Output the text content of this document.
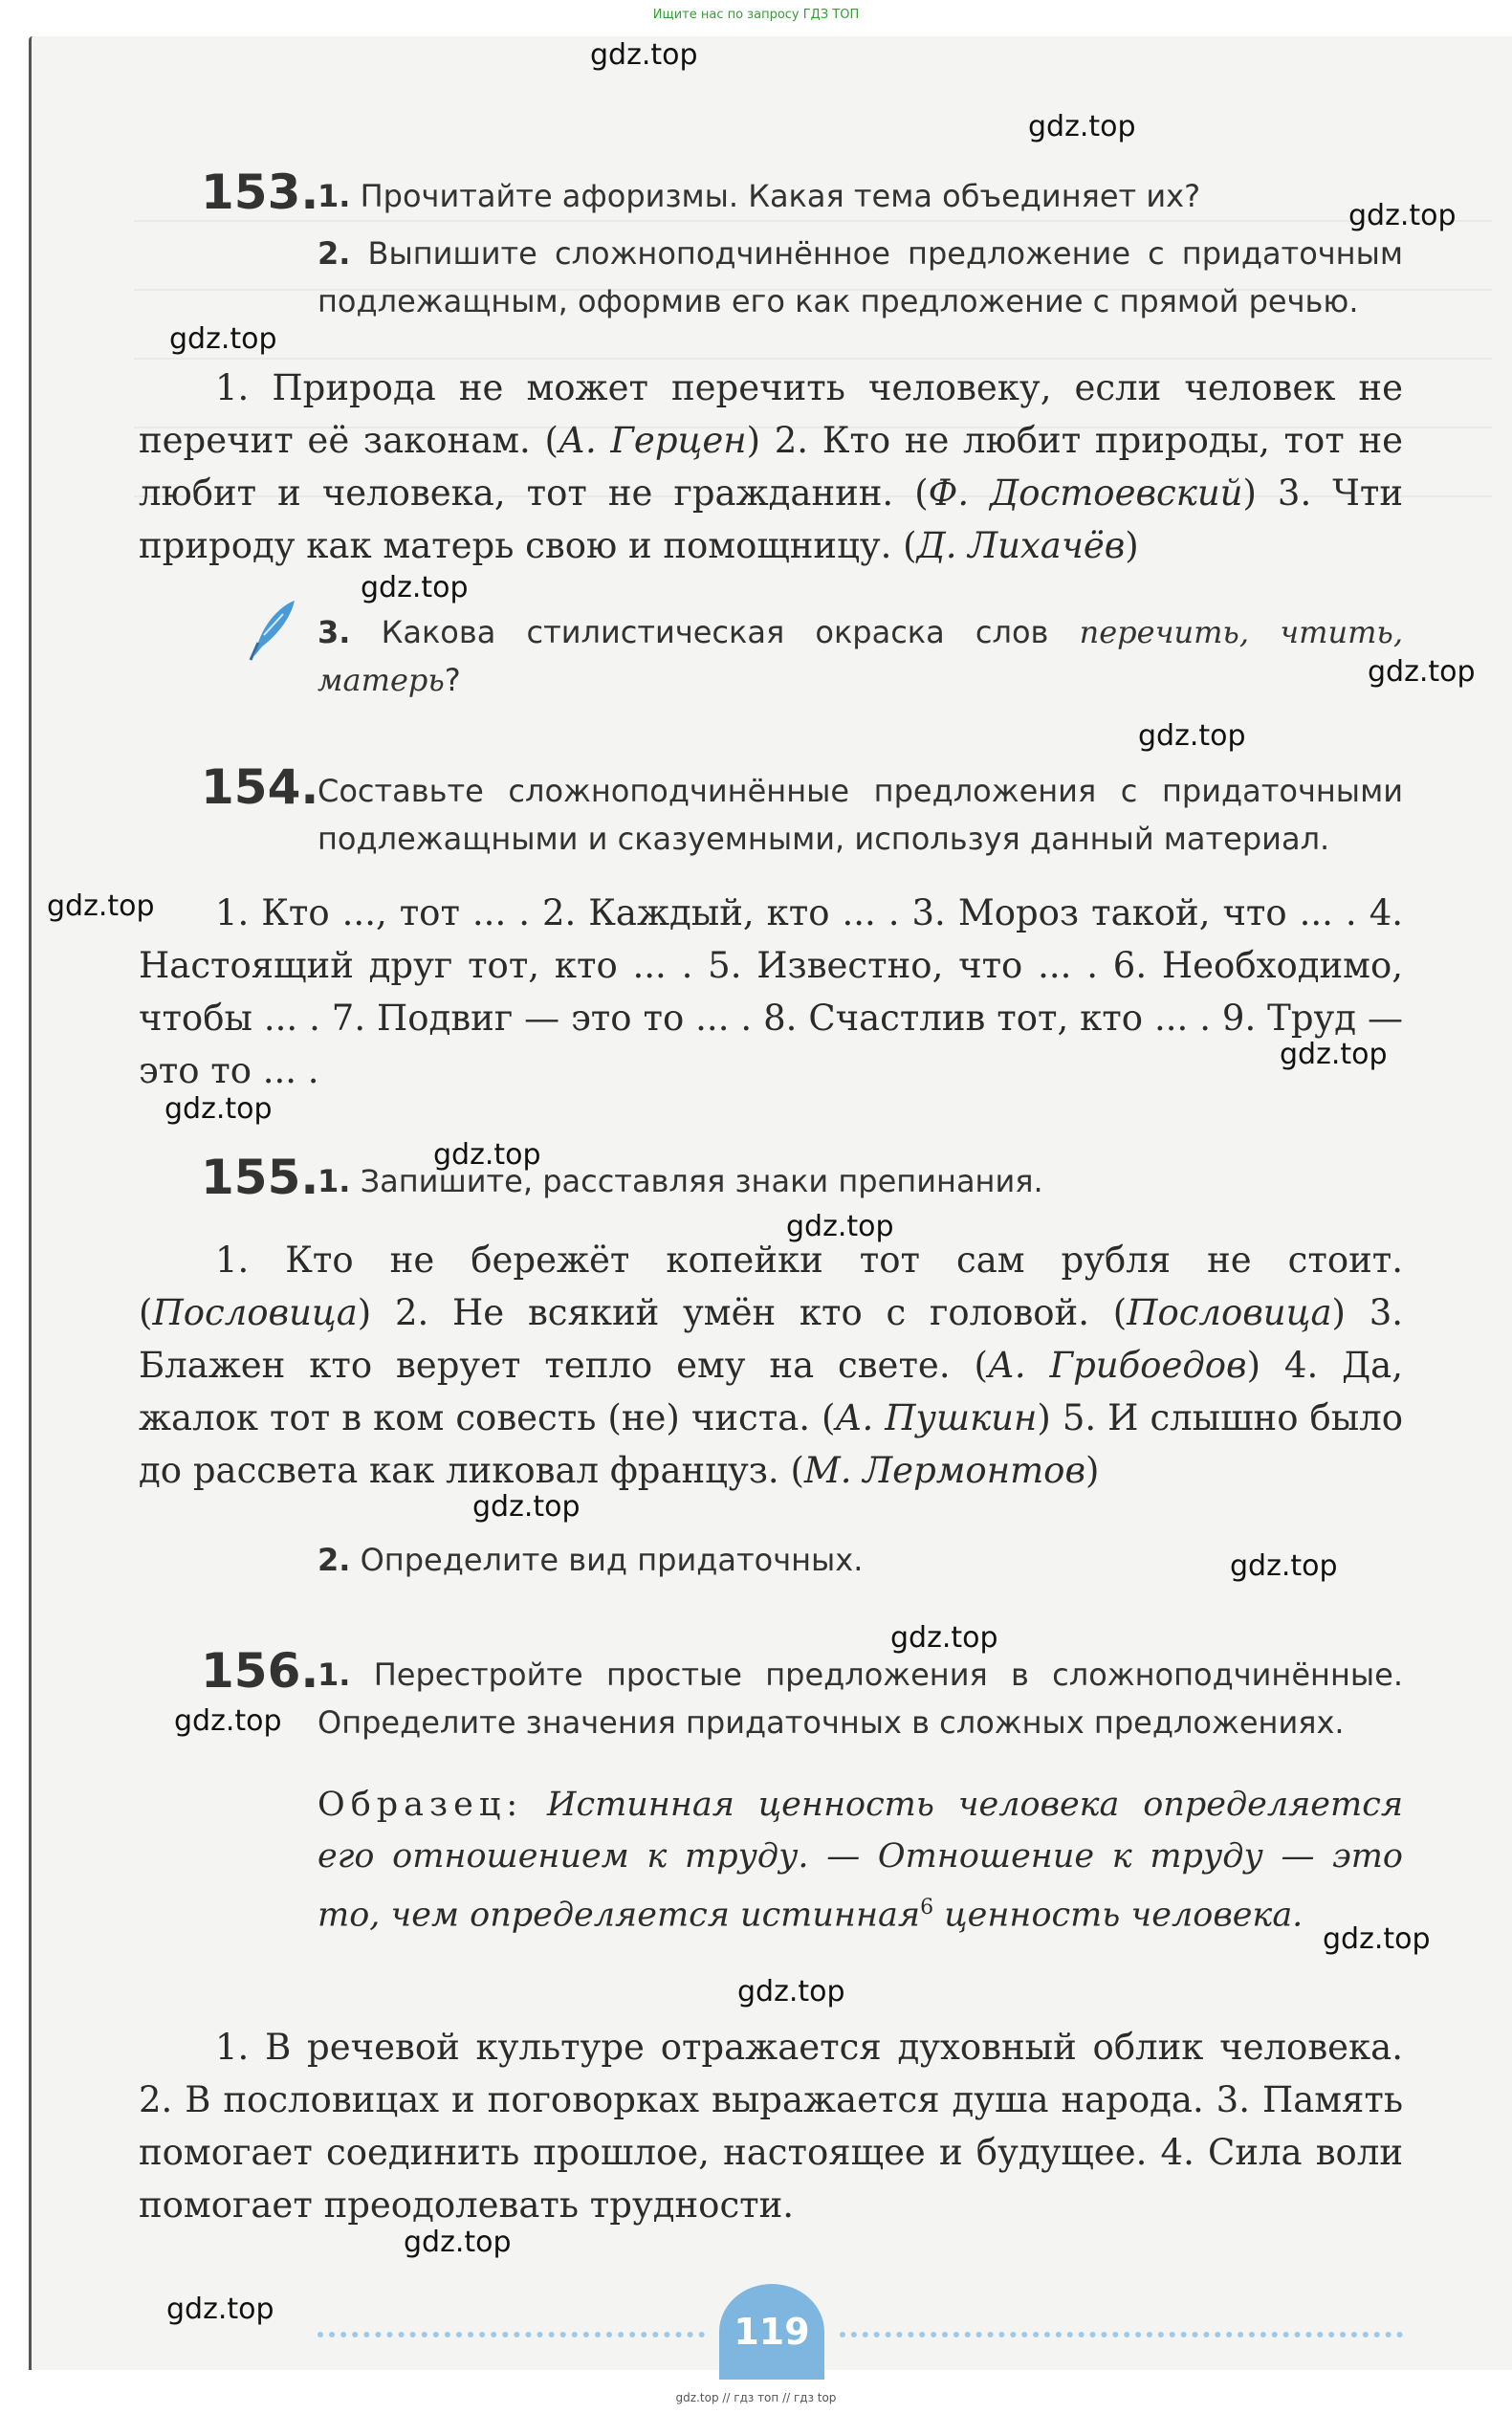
Ищите нас по запросу ГДЗ ТОП
153.
1. Прочитайте афоризмы. Какая тема объединяет их?
2. Выпишите сложноподчинённое предложение с придаточным подлежащным, оформив его как предложение с прямой речью.

1. Природа не может перечить человеку, если человек не перечит её законам. (А. Герцен) 2. Кто не любит природы, тот не любит и человека, тот не гражданин. (Ф. Достоевский) 3. Чти природу как матерь свою и помощницу. (Д. Лихачёв)

3. Какова стилистическая окраска слов перечить, чтить, матерь?
154.
Составьте сложноподчинённые предложения с придаточными подлежащными и сказуемными, используя данный материал.

1. Кто ..., тот ... . 2. Каждый, кто ... . 3. Мороз такой, что ... . 4. Настоящий друг тот, кто ... . 5. Известно, что ... . 6. Необходимо, чтобы ... . 7. Подвиг — это то ... . 8. Счастлив тот, кто ... . 9. Труд — это то ... .

155.
1. Запишите, расставляя знаки препинания.

1. Кто не бережёт копейки тот сам рубля не стоит. (Пословица) 2. Не всякий умён кто с головой. (Пословица) 3. Блажен кто верует тепло ему на свете. (А. Грибоедов) 4. Да, жалок тот в ком совесть (не) чиста. (А. Пушкин) 5. И слышно было до рассвета как ликовал француз. (М. Лермонтов)

2. Определите вид придаточных.
156.
1. Перестройте простые предложения в сложноподчинённые. Определите значения придаточных в сложных предложениях.
Образец: Истинная ценность человека определяется его отношением к труду. — Отношение к труду — это то, чем определяется истинная$^6$ ценность человека.

1. В речевой культуре отражается духовный облик человека. 2. В пословицах и поговорках выражается душа народа. 3. Память помогает соединить прошлое, настоящее и будущее. 4. Сила воли помогает преодолевать трудности.

119
gdz.top
gdz.top
gdz.top
gdz.top
gdz.top
gdz.top
gdz.top
gdz.top
gdz.top
gdz.top
gdz.top
gdz.top
gdz.top
gdz.top
gdz.top
gdz.top
gdz.top
gdz.top
gdz.top
gdz.top
gdz.top // гдз топ // гдз top
